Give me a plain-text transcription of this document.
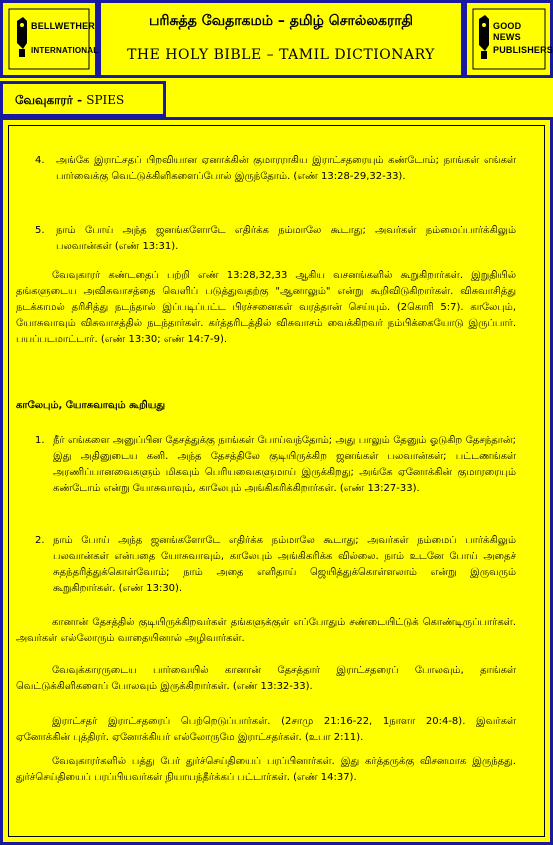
BELLWETHER
INTERNATIONAL
பரிசுத்த வேதாகமம் – தமிழ் சொல்லகராதி
THE HOLY BIBLE – TAMIL DICTIONARY
GOOD NEWS
PUBLISHERS
வேவுகாரர் - SPIES
4. அங்கே இராட்சதப் பிறவியான ஏனாக்கின் குமாரராகிய இராட்சதரையும் கண்டோம்; நாங்கள் எங்கள் பார்வைக்கு வெட்டுக்கிளிகளைப்போல் இருந்தோம். (எண் 13:28-29,32-33).
5. நாம் போய் அந்த ஜனங்களோடே எதிர்க்க நம்மாலே கூடாது; அவர்கள் நம்மைப்பார்க்கிலும் பலவான்கள் (எண் 13:31).
வேவுகாரர் கண்டதைப் பற்றி எண் 13:28,32,33 ஆகிய வசனங்களில் கூறுகிறார்கள். இறுதியில் தங்களுடைய அவிசுவாசத்தை வெளிப் படுத்துவதற்கு "ஆனாலும்" என்று கூறிவிடுகிறார்கள். விசுவாசித்து நடக்காமல் தரிசித்து நடந்தால் இப்படிப்பட்ட பிரச்சனைகள் வரத்தான் செய்யும். (2கொரி 5:7). காலேபும், யோசுவாவும் விசுவாசத்தில் நடந்தார்கள். கர்த்தரிடத்தில் விசுவாசம் வைக்கிறவர் நம்பிக்கையோடு இருப்பார். பயப்படமாட்டார். (எண் 13:30; எண் 14:7-9).
காலேபும், யோசுவாவும் கூறியது
1. நீர் எங்களை அனுப்பின தேசத்துக்கு நாங்கள் போய்வந்தோம்; அது பாலும் தேனும் ஓடுகிற தேசந்தான்; இது அதினுடைய கனி. அந்த தேசத்திலே குடியிருக்கிற ஜனங்கள் பலவான்கள்; பட்டணங்கள் அரணிப்பானவைகளும் மிகவும் பெரியவைகளுமாய் இருக்கிறது; அங்கே ஏனோக்கின் குமாரரையும் கண்டோம் என்று யோசுவாவும், காலேபும் அங்கிகரிக்கிறார்கள். (எண் 13:27-33).
2. நாம் போய் அந்த ஜனங்களோடே எதிர்க்க நம்மாலே கூடாது; அவர்கள் நம்மைப் பார்க்கிலும் பலவான்கள் என்பதை யோசுவாவும், காலேபும் அங்கிகரிக்க வில்லை. நாம் உடனே போய் அதைச் சுதந்தரித்துக்கொள்வோம்; நாம் அதை எளிதாய் ஜெயித்துக்கொள்ளலாம் என்று இருவரும் கூறுகிறார்கள். (எண் 13:30).
கானான் தேசத்தில் குடியிருக்கிறவர்கள் தங்களுக்குள் எப்போதும் சண்டையிட்டுக் கொண்டிருப்பார்கள். அவர்கள் எல்லோரும் வாதையினால் அழிவார்கள்.
வேவுக்காரருடைய பார்வையில் கானான் தேசத்தார் இராட்சதரைப் போலவும், தாங்கள் வெட்டுக்கிளிகளைப் போலவும் இருக்கிறார்கள். (எண் 13:32-33).
இராட்சதர் இராட்சதரைப் பெற்றெடுப்பார்கள். (2சாமு 21:16-22, 1நாளா 20:4-8). இவர்கள் ஏனோக்கின் புத்திரர். ஏனோக்கியர் எல்லோருமே இராட்சதர்கள். (உபா 2:11).
வேவுகாரர்களில் பத்து பேர் துர்ச்செய்தியைப் பரப்பினார்கள். இது கர்த்தருக்கு விசனமாக இருந்தது. துர்ச்செய்தியைப் பரப்பியவர்கள் நியாயந்தீர்க்கப் பட்டார்கள். (எண் 14:37).
